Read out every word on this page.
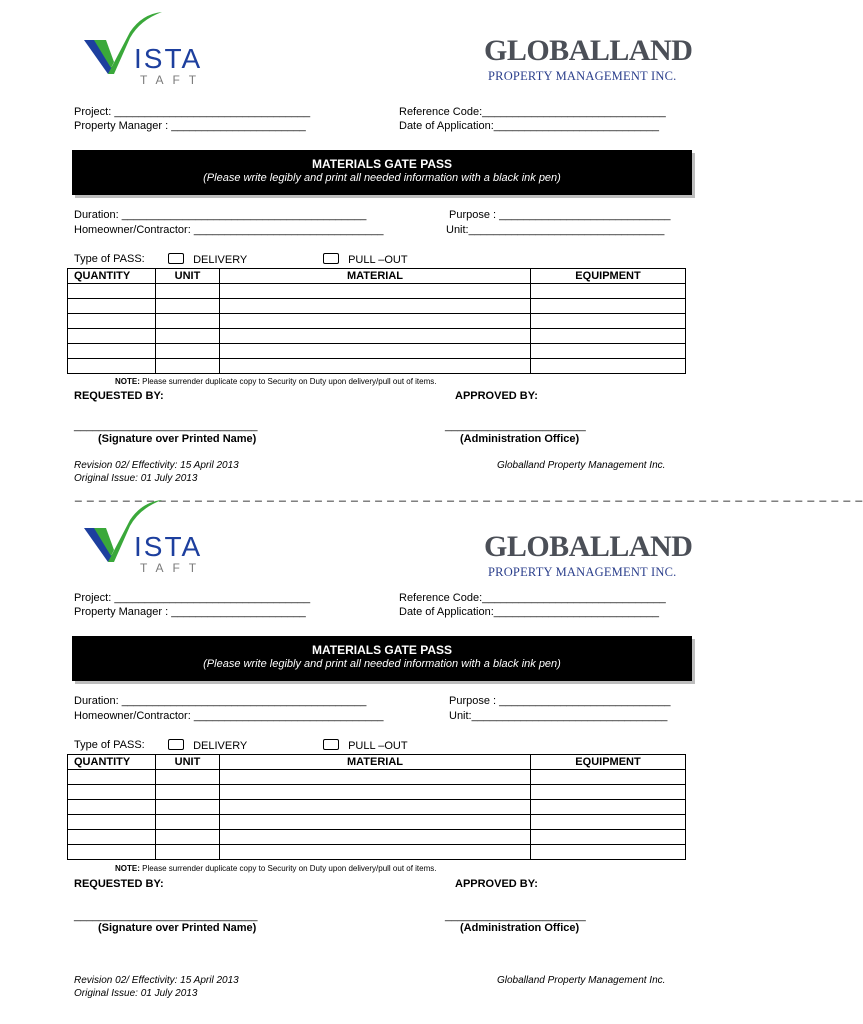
ISTA
TAFT
GLOBALLAND
PROPERTY MANAGEMENT INC.
Project: ________________________________
Property Manager : ______________________
Reference Code:______________________________
Date of Application:___________________________
MATERIALS GATE PASS
(Please write legibly and print all needed information with a black ink pen)
Duration: ________________________________________
Homeowner/Contractor: _______________________________
Purpose : ____________________________
Unit:________________________________
Type of PASS:	DELIVERY	PULL –OUT
QUANTITY	UNIT	MATERIAL	EQUIPMENT

NOTE: Please surrender duplicate copy to Security on Duty upon delivery/pull out of items.
REQUESTED BY:	APPROVED BY:
______________________________	_______________________
(Signature over Printed Name)	(Administration Office)
Revision 02/ Effectivity: 15 April 2013
Original Issue: 01 July 2013
Globalland Property Management Inc.
_ _ _ _ _ _ _ _ _ _ _ _ _ _ _ _ _ _ _ _ _ _ _ _ _ _ _ _ _ _ _ _ _ _ _ _ _ _ _ _ _ _ _ _ _ _ _ _ _ _ _ _ _ _ _ _ _ _ _ _ _ _ _ _ _ _
ISTA
TAFT
GLOBALLAND
PROPERTY MANAGEMENT INC.
Project: ________________________________
Property Manager : ______________________
Reference Code:______________________________
Date of Application:___________________________
MATERIALS GATE PASS
(Please write legibly and print all needed information with a black ink pen)
Duration: ________________________________________
Homeowner/Contractor: _______________________________
Purpose : ____________________________
Unit:________________________________
Type of PASS:	DELIVERY	PULL –OUT
QUANTITY	UNIT	MATERIAL	EQUIPMENT

NOTE: Please surrender duplicate copy to Security on Duty upon delivery/pull out of items.
REQUESTED BY:	APPROVED BY:
______________________________	_______________________
(Signature over Printed Name)	(Administration Office)
Revision 02/ Effectivity: 15 April 2013
Original Issue: 01 July 2013
Globalland Property Management Inc.
